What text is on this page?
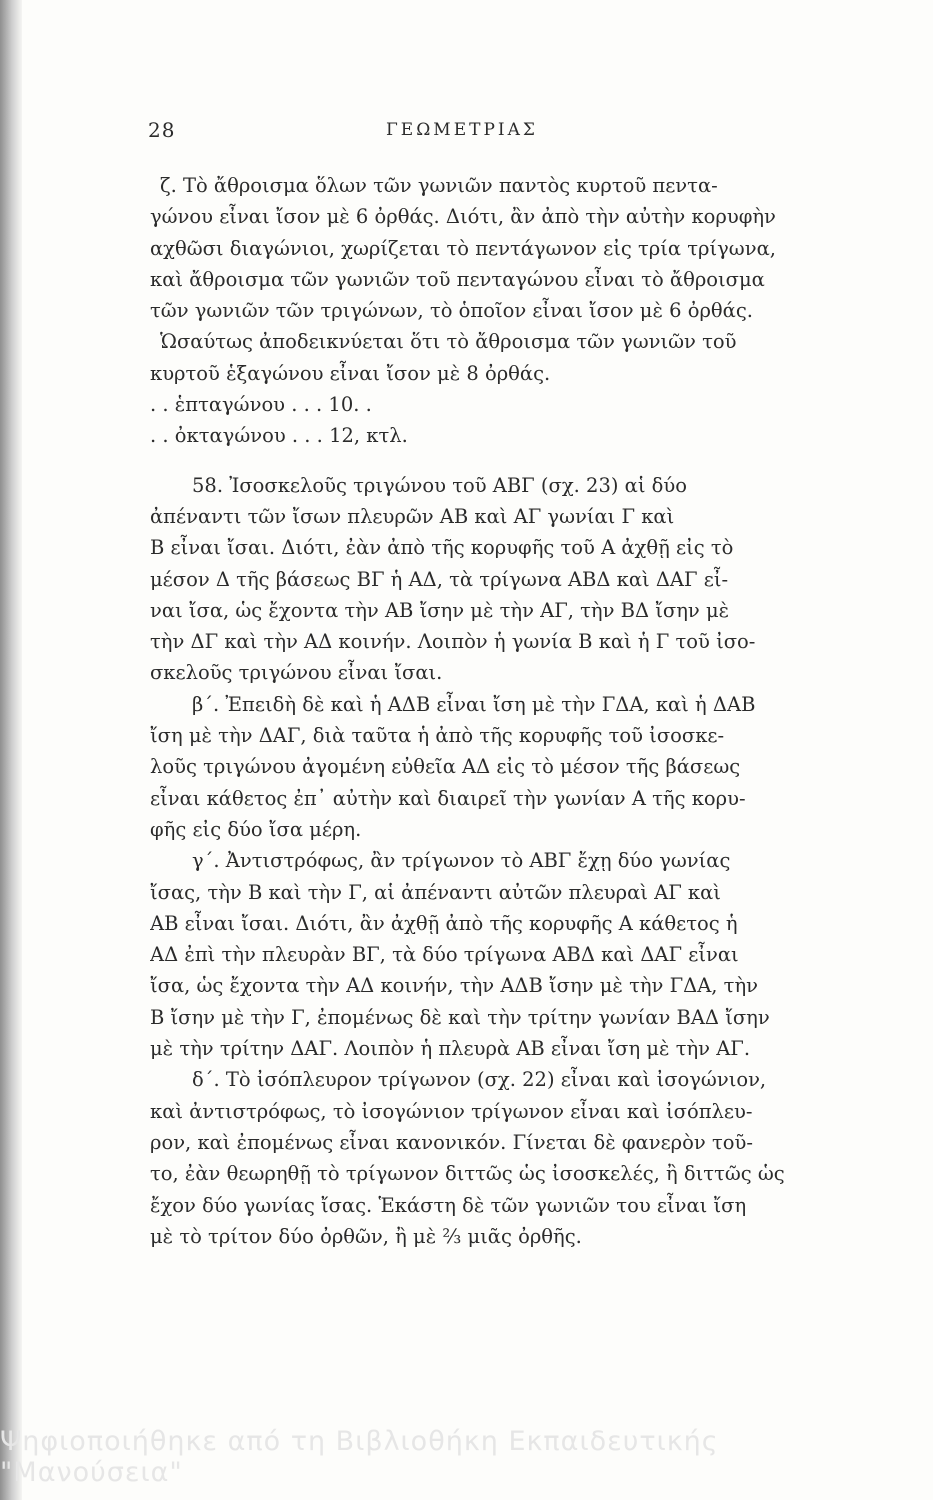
28	ΓΕΩΜΕΤΡΙΑΣ
ζ. Τὸ ἄθροισμα ὅλων τῶν γωνιῶν παντὸς κυρτοῦ πεντα-
γώνου εἶναι ἴσον μὲ 6 ὀρθάς. Διότι, ἂν ἀπὸ τὴν αὐτὴν κορυφὴν
αχθῶσι διαγώνιοι, χωρίζεται τὸ πεντάγωνον εἰς τρία τρίγωνα,
καὶ ἄθροισμα τῶν γωνιῶν τοῦ πενταγώνου εἶναι τὸ ἄθροισμα
τῶν γωνιῶν τῶν τριγώνων, τὸ ὁποῖον εἶναι ἴσον μὲ 6 ὀρθάς.
Ὡσαύτως ἀποδεικνύεται ὅτι τὸ ἄθροισμα τῶν γωνιῶν τοῦ
κυρτοῦ ἑξαγώνου εἶναι ἴσον μὲ 8 ὀρθάς.
. . ἑπταγώνου . . . 10. .
. . ὀκταγώνου . . . 12, κτλ.
58. Ἰσοσκελοῦς τριγώνου τοῦ ΑΒΓ (σχ. 23) αἱ δύο
ἀπέναντι τῶν ἴσων πλευρῶν ΑΒ καὶ ΑΓ γωνίαι Γ καὶ
Β εἶναι ἴσαι. Διότι, ἐὰν ἀπὸ τῆς κορυφῆς τοῦ Α ἀχθῇ εἰς τὸ
μέσον Δ τῆς βάσεως ΒΓ ἡ ΑΔ, τὰ τρίγωνα ΑΒΔ καὶ ΔΑΓ εἶ-
ναι ἴσα, ὡς ἔχοντα τὴν ΑΒ ἴσην μὲ τὴν ΑΓ, τὴν ΒΔ ἴσην μὲ
τὴν ΔΓ καὶ τὴν ΑΔ κοινήν. Λοιπὸν ἡ γωνία Β καὶ ἡ Γ τοῦ ἰσο-
σκελοῦς τριγώνου εἶναι ἴσαι.
β΄. Ἐπειδὴ δὲ καὶ ἡ ΑΔΒ εἶναι ἴση μὲ τὴν ΓΔΑ, καὶ ἡ ΔΑΒ
ἴση μὲ τὴν ΔΑΓ, διὰ ταῦτα ἡ ἀπὸ τῆς κορυφῆς τοῦ ἰσοσκε-
λοῦς τριγώνου ἀγομένη εὐθεῖα ΑΔ εἰς τὸ μέσον τῆς βάσεως
εἶναι κάθετος ἐπ᾽ αὐτὴν καὶ διαιρεῖ τὴν γωνίαν Α τῆς κορυ-
φῆς εἰς δύο ἴσα μέρη.
γ΄. Ἀντιστρόφως, ἂν τρίγωνον τὸ ΑΒΓ ἔχῃ δύο γωνίας
ἴσας, τὴν Β καὶ τὴν Γ, αἱ ἀπέναντι αὐτῶν πλευραὶ ΑΓ καὶ
ΑΒ εἶναι ἴσαι. Διότι, ἂν ἀχθῇ ἀπὸ τῆς κορυφῆς Α κάθετος ἡ
ΑΔ ἐπὶ τὴν πλευρὰν ΒΓ, τὰ δύο τρίγωνα ΑΒΔ καὶ ΔΑΓ εἶναι
ἴσα, ὡς ἔχοντα τὴν ΑΔ κοινήν, τὴν ΑΔΒ ἴσην μὲ τὴν ΓΔΑ, τὴν
Β ἴσην μὲ τὴν Γ, ἐπομένως δὲ καὶ τὴν τρίτην γωνίαν ΒΑΔ ἴσην
μὲ τὴν τρίτην ΔΑΓ. Λοιπὸν ἡ πλευρὰ ΑΒ εἶναι ἴση μὲ τὴν ΑΓ.
δ΄. Τὸ ἰσόπλευρον τρίγωνον (σχ. 22) εἶναι καὶ ἰσογώνιον,
καὶ ἀντιστρόφως, τὸ ἰσογώνιον τρίγωνον εἶναι καὶ ἰσόπλευ-
ρον, καὶ ἐπομένως εἶναι κανονικόν. Γίνεται δὲ φανερὸν τοῦ-
το, ἐὰν θεωρηθῇ τὸ τρίγωνον διττῶς ὡς ἰσοσκελές, ἢ διττῶς ὡς
ἔχον δύο γωνίας ἴσας. Ἑκάστη δὲ τῶν γωνιῶν του εἶναι ἴση
μὲ τὸ τρίτον δύο ὀρθῶν, ἢ μὲ ⅔ μιᾶς ὀρθῆς.
Ψηφιοποιήθηκε από τη Βιβλιοθήκη Εκπαιδευτικής "Μανούσεια"
